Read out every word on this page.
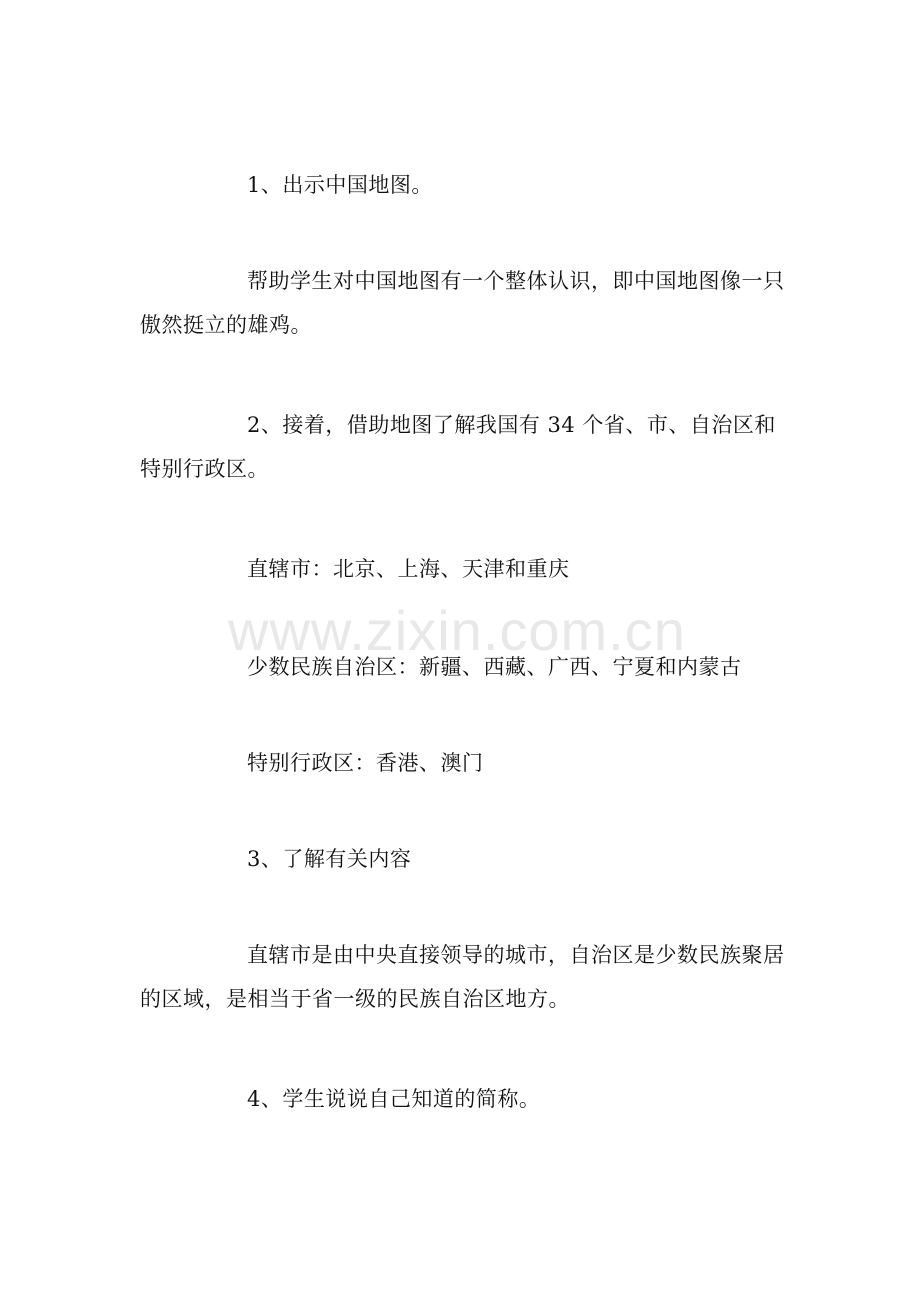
1、出示中国地图。

帮助学生对中国地图有一个整体认识，即中国地图像一只傲然挺立的雄鸡。

2、接着，借助地图了解我国有 34 个省、市、自治区和特别行政区。

直辖市：北京、上海、天津和重庆

少数民族自治区：新疆、西藏、广西、宁夏和内蒙古

特别行政区：香港、澳门

3、了解有关内容

直辖市是由中央直接领导的城市，自治区是少数民族聚居的区域，是相当于省一级的民族自治区地方。

4、学生说说自己知道的简称。

www.zixin.com.cn
